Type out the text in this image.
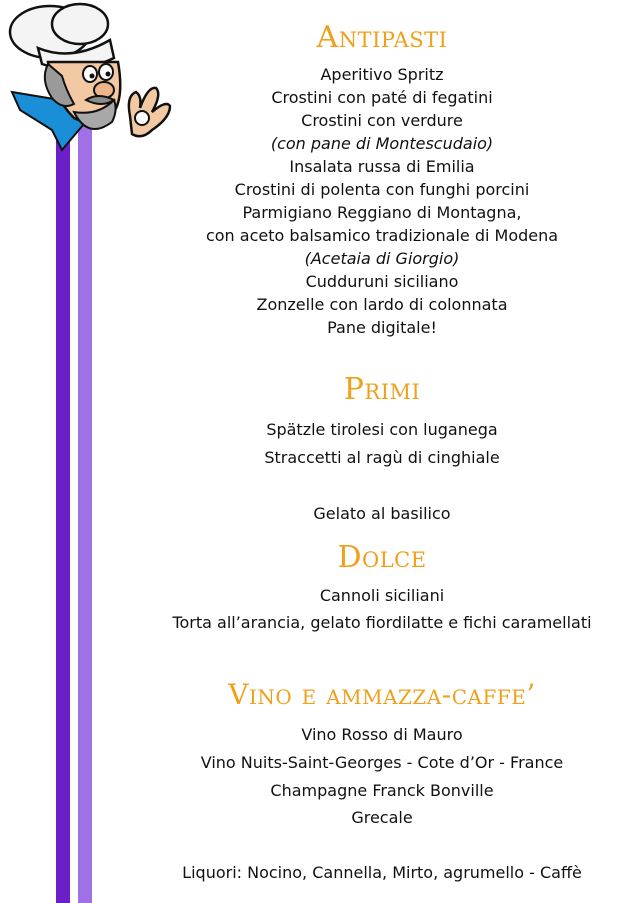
Antipasti
Aperitivo Spritz
Crostini con paté di fegatini
Crostini con verdure
(con pane di Montescudaio)
Insalata russa di Emilia
Crostini di polenta con funghi porcini
Parmigiano Reggiano di Montagna,
con aceto balsamico tradizionale di Modena
(Acetaia di Giorgio)
Cudduruni siciliano
Zonzelle con lardo di colonnata
Pane digitale!
Primi
Spätzle tirolesi con luganega
Straccetti al ragù di cinghiale
Gelato al basilico
Dolce
Cannoli siciliani
Torta all’arancia, gelato fiordilatte e fichi caramellati
Vino e ammazza-caffe’
Vino Rosso di Mauro
Vino Nuits-Saint-Georges - Cote d’Or - France
Champagne Franck Bonville
Grecale
Liquori: Nocino, Cannella, Mirto, agrumello - Caffè
